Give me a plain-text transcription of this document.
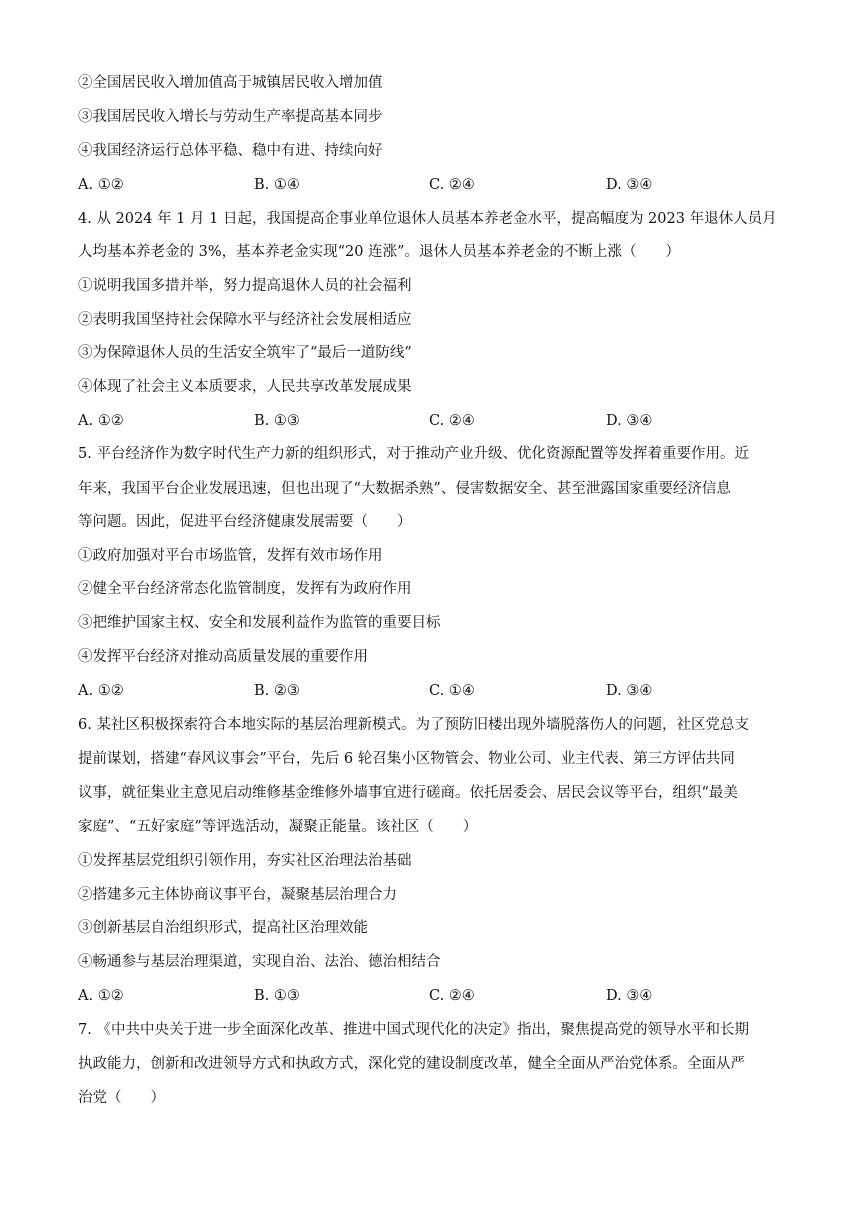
②全国居民收入增加值高于城镇居民收入增加值
③我国居民收入增长与劳动生产率提高基本同步
④我国经济运行总体平稳、稳中有进、持续向好
A. ①②	B. ①④	C. ②④	D. ③④
4. 从 2024 年 1 月 1 日起，我国提高企事业单位退休人员基本养老金水平，提高幅度为 2023 年退休人员月
人均基本养老金的 3%，基本养老金实现“20 连涨”。退休人员基本养老金的不断上涨（　　）
①说明我国多措并举，努力提高退休人员的社会福利
②表明我国坚持社会保障水平与经济社会发展相适应
③为保障退休人员的生活安全筑牢了“最后一道防线”
④体现了社会主义本质要求，人民共享改革发展成果
A. ①②	B. ①③	C. ②④	D. ③④
5. 平台经济作为数字时代生产力新的组织形式，对于推动产业升级、优化资源配置等发挥着重要作用。近
年来，我国平台企业发展迅速，但也出现了“大数据杀熟”、侵害数据安全、甚至泄露国家重要经济信息
等问题。因此，促进平台经济健康发展需要（　　）
①政府加强对平台市场监管，发挥有效市场作用
②健全平台经济常态化监管制度，发挥有为政府作用
③把维护国家主权、安全和发展利益作为监管的重要目标
④发挥平台经济对推动高质量发展的重要作用
A. ①②	B. ②③	C. ①④	D. ③④
6. 某社区积极探索符合本地实际的基层治理新模式。为了预防旧楼出现外墙脱落伤人的问题，社区党总支
提前谋划，搭建“春风议事会”平台，先后 6 轮召集小区物管会、物业公司、业主代表、第三方评估共同
议事，就征集业主意见启动维修基金维修外墙事宜进行磋商。依托居委会、居民会议等平台，组织“最美
家庭”、“五好家庭”等评选活动，凝聚正能量。该社区（　　）
①发挥基层党组织引领作用，夯实社区治理法治基础
②搭建多元主体协商议事平台，凝聚基层治理合力
③创新基层自治组织形式，提高社区治理效能
④畅通参与基层治理渠道，实现自治、法治、德治相结合
A. ①②	B. ①③	C. ②④	D. ③④
7. 《中共中央关于进一步全面深化改革、推进中国式现代化的决定》指出，聚焦提高党的领导水平和长期
执政能力，创新和改进领导方式和执政方式，深化党的建设制度改革，健全全面从严治党体系。全面从严
治党（　　）
